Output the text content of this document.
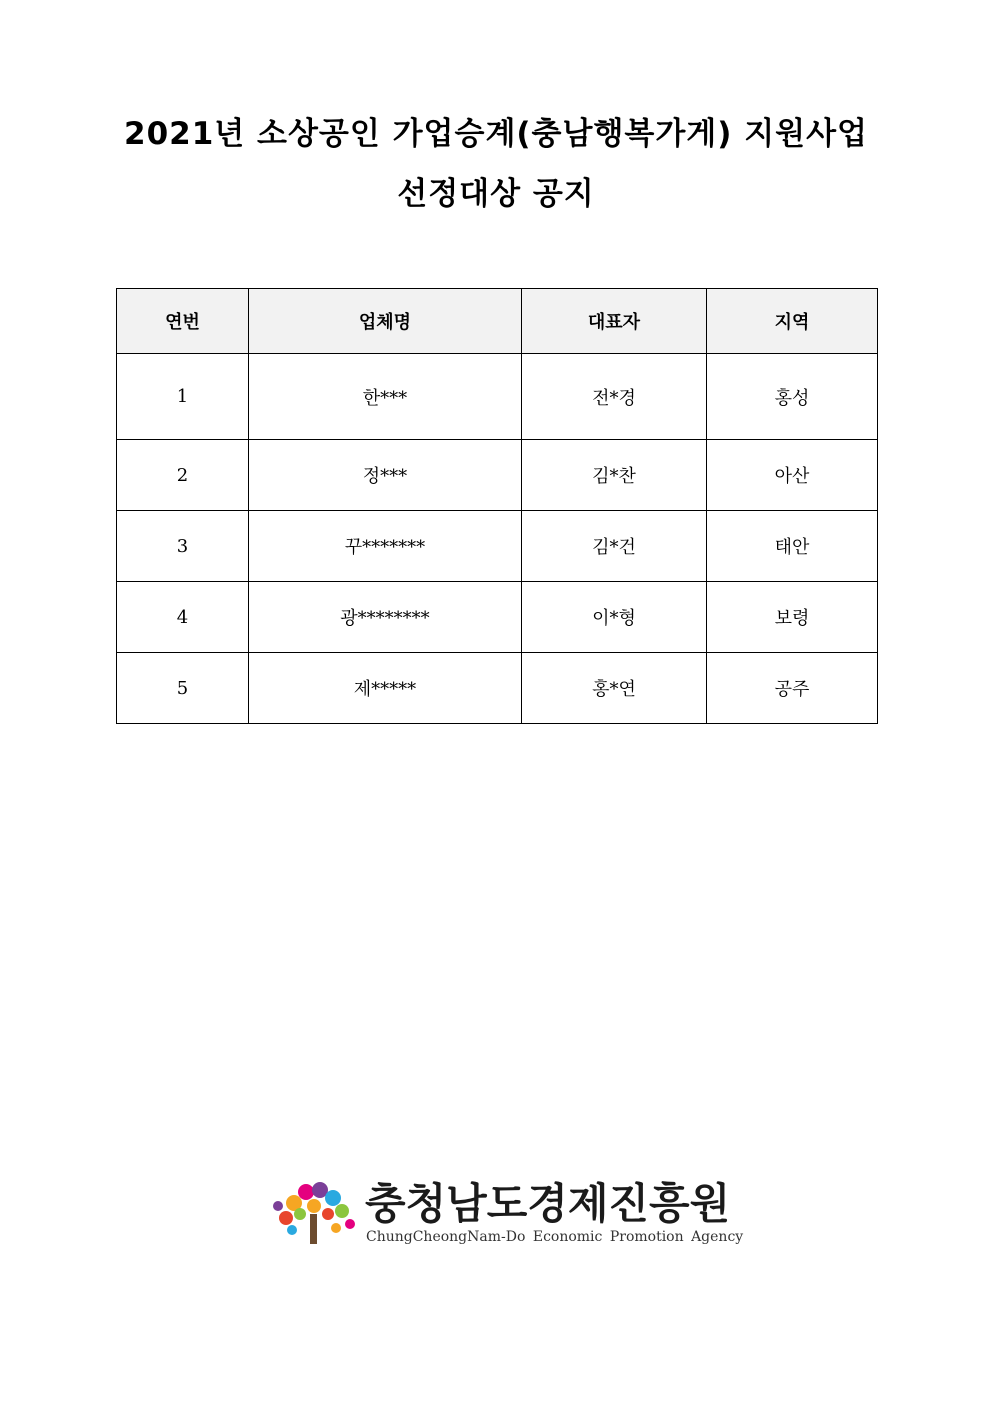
2021년 소상공인 가업승계(충남행복가게) 지원사업
선정대상 공지
연번	업체명	대표자	지역
1	한***	전*경	홍성
2	정***	김*찬	아산
3	꾸*******	김*건	태안
4	광********	이*형	보령
5	제*****	홍*연	공주
충청남도경제진흥원
ChungCheongNam-Do Economic Promotion Agency
